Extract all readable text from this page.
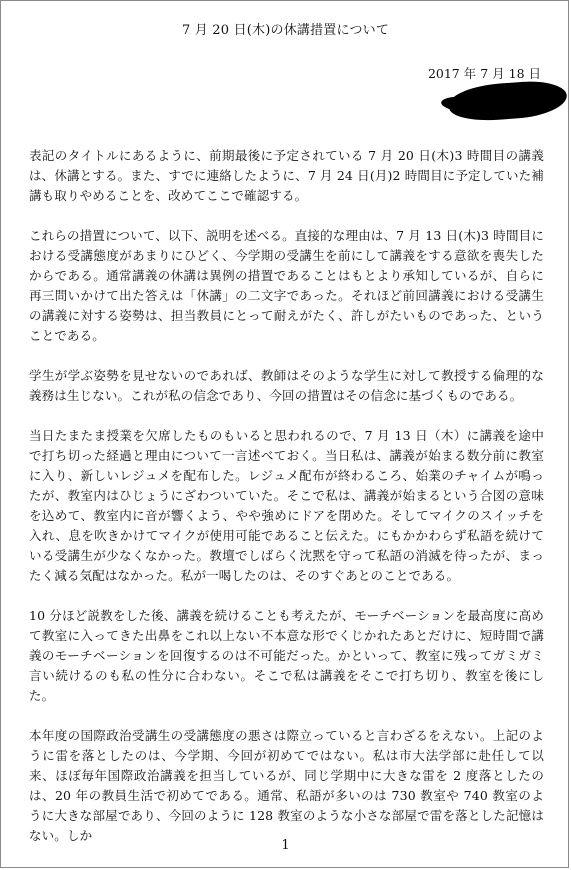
7 月 20 日(木)の休講措置について
2017 年 7 月 18 日

表記のタイトルにあるように、前期最後に予定されている 7 月 20 日(木)3 時間目の講義は、休講とする。また、すでに連絡したように、7 月 24 日(月)2 時間目に予定していた補講も取りやめることを、改めてここで確認する。

これらの措置について、以下、説明を述べる。直接的な理由は、7 月 13 日(木)3 時間目における受講態度があまりにひどく、今学期の受講生を前にして講義をする意欲を喪失したからである。通常講義の休講は異例の措置であることはもとより承知しているが、自らに再三問いかけて出た答えは「休講」の二文字であった。それほど前回講義における受講生の講義に対する姿勢は、担当教員にとって耐えがたく、許しがたいものであった、ということである。

学生が学ぶ姿勢を見せないのであれば、教師はそのような学生に対して教授する倫理的な義務は生じない。これが私の信念であり、今回の措置はその信念に基づくものである。

当日たまたま授業を欠席したものもいると思われるので、7 月 13 日（木）に講義を途中で打ち切った経過と理由について一言述べておく。当日私は、講義が始まる数分前に教室に入り、新しいレジュメを配布した。レジュメ配布が終わるころ、始業のチャイムが鳴ったが、教室内はひじょうにざわついていた。そこで私は、講義が始まるという合図の意味を込めて、教室内に音が響くよう、やや強めにドアを閉めた。そしてマイクのスイッチを入れ、息を吹きかけてマイクが使用可能であること伝えた。にもかかわらず私語を続けている受講生が少なくなかった。教壇でしばらく沈黙を守って私語の消滅を待ったが、まったく減る気配はなかった。私が一喝したのは、そのすぐあとのことである。

10 分ほど説教をした後、講義を続けることも考えたが、モーチベーションを最高度に高めて教室に入ってきた出鼻をこれ以上ない不本意な形でくじかれたあとだけに、短時間で講義のモーチベーションを回復するのは不可能だった。かといって、教室に残ってガミガミ言い続けるのも私の性分に合わない。そこで私は講義をそこで打ち切り、教室を後にした。

本年度の国際政治受講生の受講態度の悪さは際立っていると言わざるをえない。上記のように雷を落としたのは、今学期、今回が初めてではない。私は市大法学部に赴任して以来、ほぼ毎年国際政治講義を担当しているが、同じ学期中に大きな雷を 2 度落としたのは、20 年の教員生活で初めてである。通常、私語が多いのは 730 教室や 740 教室のように大きな部屋であり、今回のように 128 教室のような小さな部屋で雷を落とした記憶はない。しか

1
